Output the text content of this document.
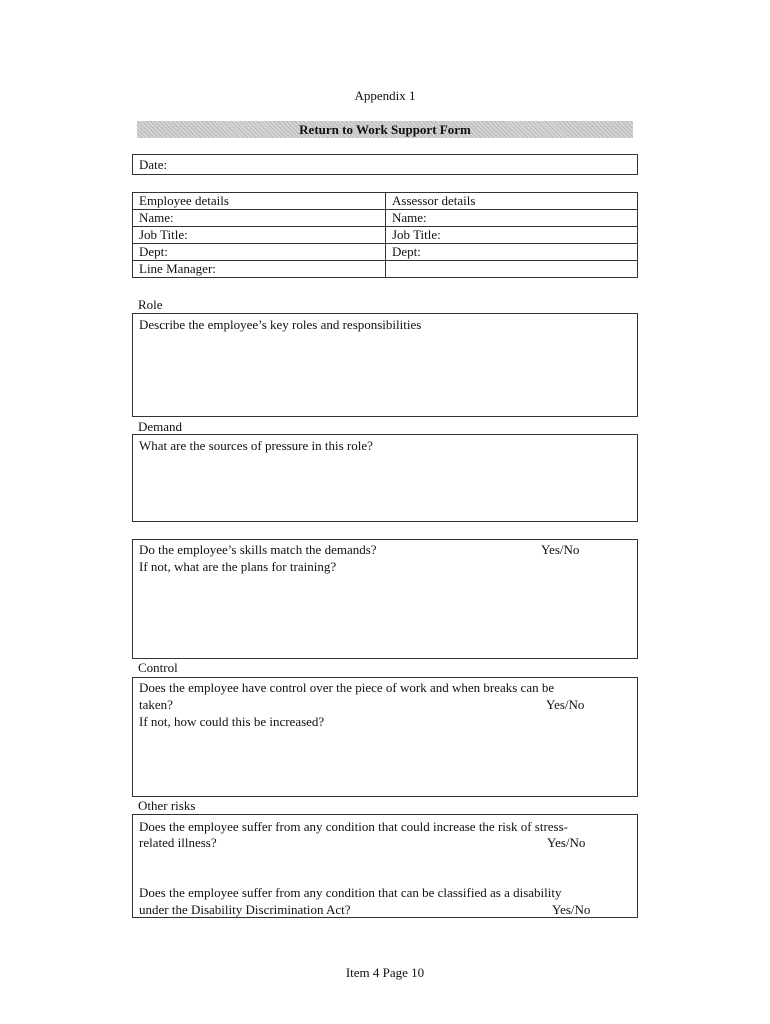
Appendix 1
Return to Work Support Form
Date:
Employee details	Assessor details
Name:	Name:
Job Title:	Job Title:
Dept:	Dept:
Line Manager:	
Role
Describe the employee’s key roles and responsibilities
Demand
What are the sources of pressure in this role?
Do the employee’s skills match the demands?	Yes/No
If not, what are the plans for training?
Control
Does the employee have control over the piece of work and when breaks can be
taken?	Yes/No
If not, how could this be increased?
Other risks
Does the employee suffer from any condition that could increase the risk of stress-
related illness?	Yes/No
Does the employee suffer from any condition that can be classified as a disability
under the Disability Discrimination Act?	Yes/No
Item 4 Page 10
